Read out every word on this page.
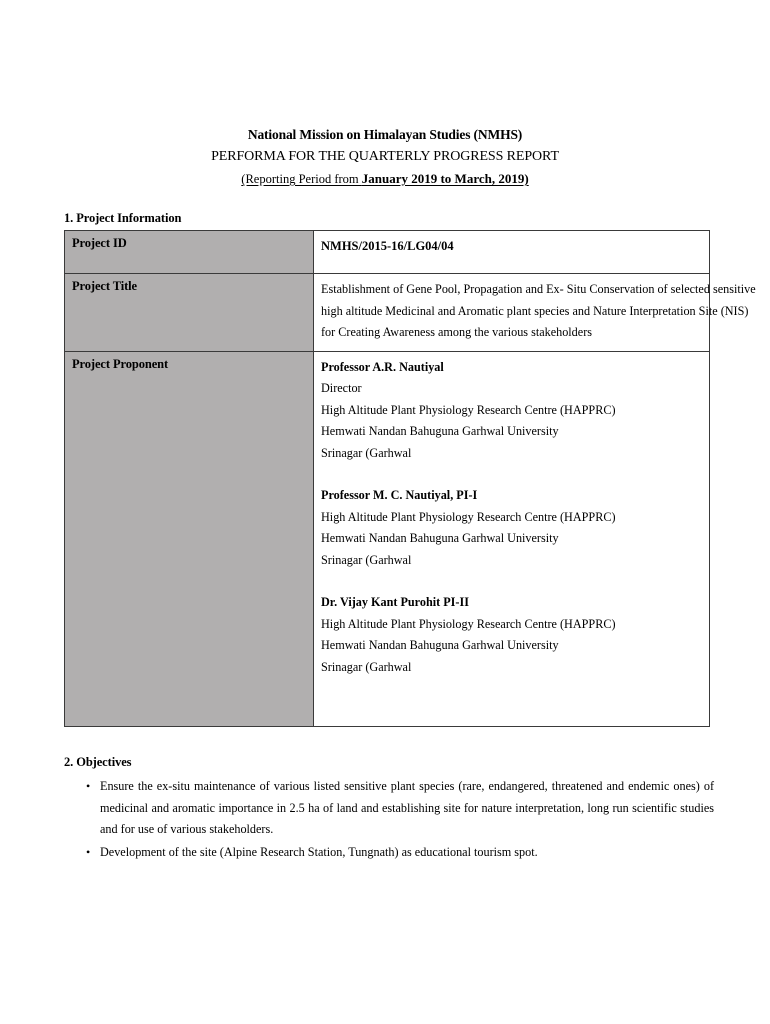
National Mission on Himalayan Studies (NMHS)
PERFORMA FOR THE QUARTERLY PROGRESS REPORT
(Reporting Period from January 2019 to March, 2019)
1. Project Information
Project ID	NMHS/2015-16/LG04/04

Project Title	Establishment of Gene Pool, Propagation and Ex- Situ Conservation of selected sensitive
high altitude Medicinal and Aromatic plant species and Nature Interpretation Site (NIS)
for Creating Awareness among the various stakeholders

Project Proponent	Professor A.R. Nautiyal
Director
High Altitude Plant Physiology Research Centre (HAPPRC)
Hemwati Nandan Bahuguna Garhwal University
Srinagar (Garhwal
Professor M. C. Nautiyal, PI-I
High Altitude Plant Physiology Research Centre (HAPPRC)
Hemwati Nandan Bahuguna Garhwal University
Srinagar (Garhwal
Dr. Vijay Kant Purohit PI-II
High Altitude Plant Physiology Research Centre (HAPPRC)
Hemwati Nandan Bahuguna Garhwal University
Srinagar (Garhwal
2. Objectives
• Ensure the ex-situ maintenance of various listed sensitive plant species (rare, endangered, threatened and endemic ones) of medicinal and aromatic importance in 2.5 ha of land and establishing site for nature interpretation, long run scientific studies and for use of various stakeholders.
• Development of the site (Alpine Research Station, Tungnath) as educational tourism spot.
